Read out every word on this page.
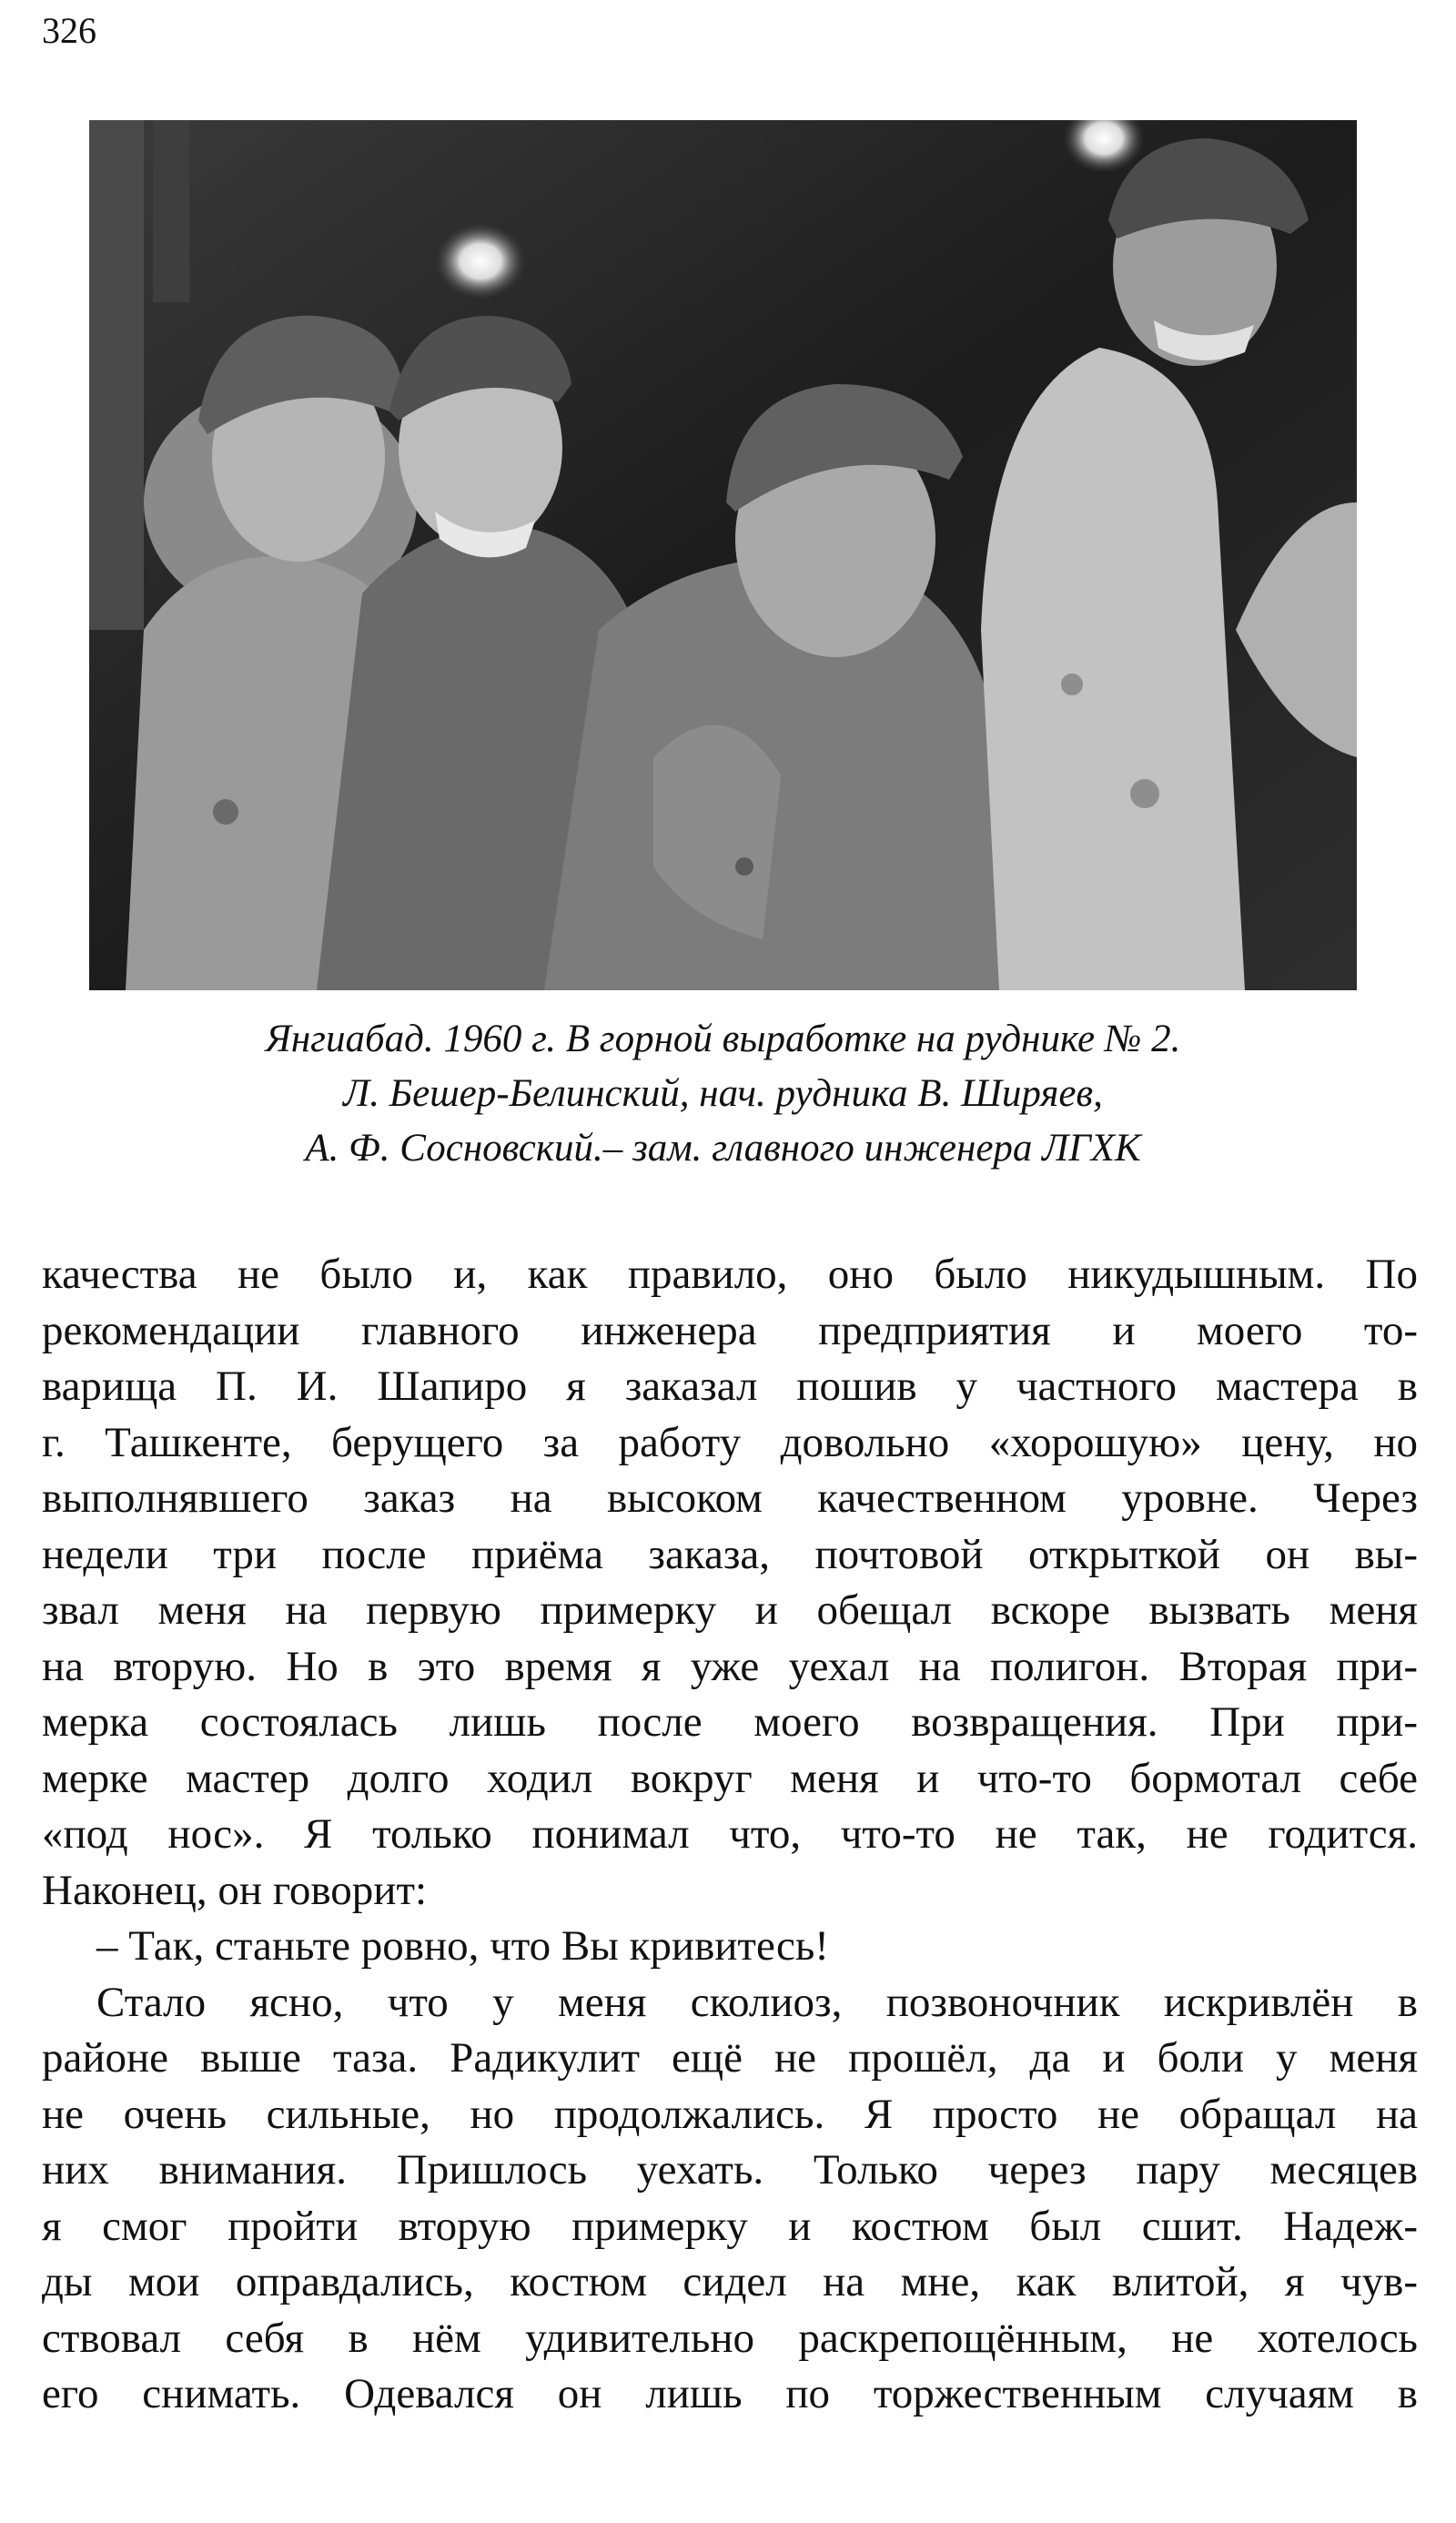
326
Янгиабад. 1960 г. В горной выработке на руднике № 2.
Л. Бешер-Белинский, нач. рудника В. Ширяев,
А. Ф. Сосновский.– зам. главного инженера ЛГХК
качества не было и, как правило, оно было никудышным. По
рекомендации главного инженера предприятия и моего то-
варища П. И. Шапиро я заказал пошив у частного мастера в
г. Ташкенте, берущего за работу довольно «хорошую» цену, но
выполнявшего заказ на высоком качественном уровне. Через
недели три после приёма заказа, почтовой открыткой он вы-
звал меня на первую примерку и обещал вскоре вызвать меня
на вторую. Но в это время я уже уехал на полигон. Вторая при-
мерка состоялась лишь после моего возвращения. При при-
мерке мастер долго ходил вокруг меня и что-то бормотал себе
«под нос». Я только понимал что, что-то не так, не годится.
Наконец, он говорит:
– Так, станьте ровно, что Вы кривитесь!
Стало ясно, что у меня сколиоз, позвоночник искривлён в
районе выше таза. Радикулит ещё не прошёл, да и боли у меня
не очень сильные, но продолжались. Я просто не обращал на
них внимания. Пришлось уехать. Только через пару месяцев
я смог пройти вторую примерку и костюм был сшит. Надеж-
ды мои оправдались, костюм сидел на мне, как влитой, я чув-
ствовал себя в нём удивительно раскрепощённым, не хотелось
его снимать. Одевался он лишь по торжественным случаям в
